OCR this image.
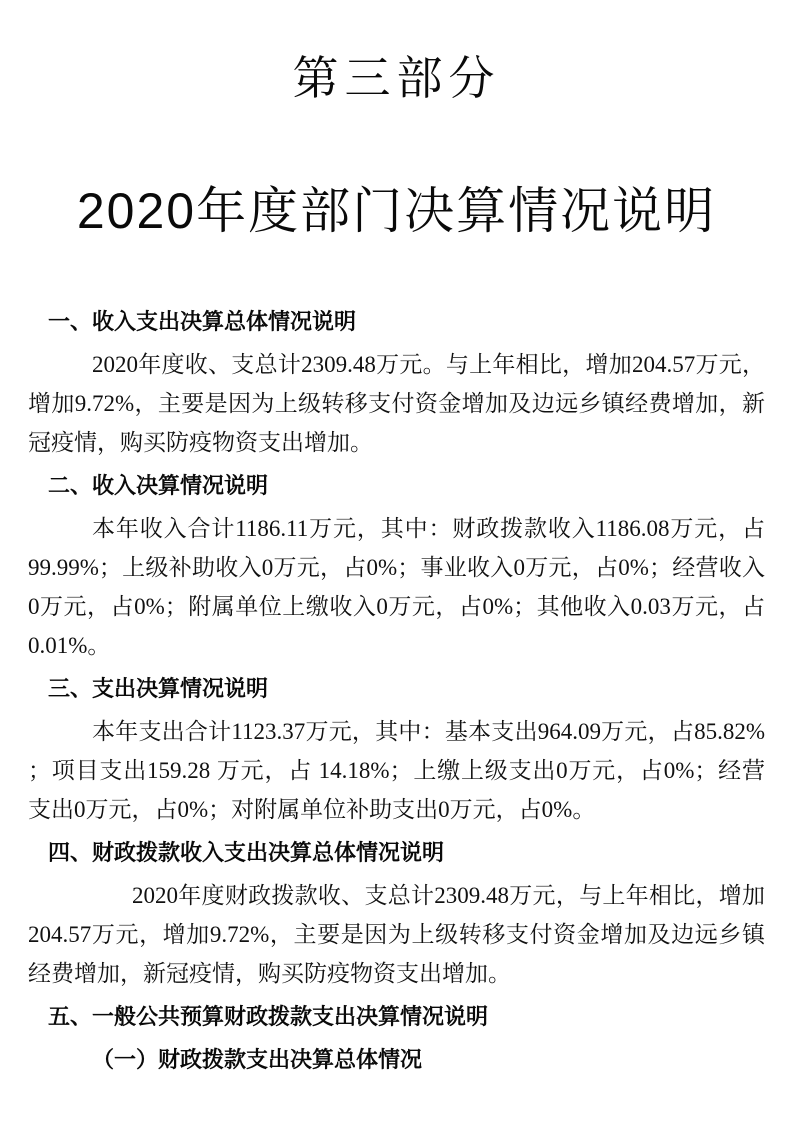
第三部分
2020年度部门决算情况说明
一、收入支出决算总体情况说明

2020年度收、支总计2309.48万元。与上年相比，增加204.57万元，增加9.72%，主要是因为上级转移支付资金增加及边远乡镇经费增加，新冠疫情，购买防疫物资支出增加。

二、收入决算情况说明

本年收入合计1186.11万元，其中：财政拨款收入1186.08万元，占99.99%；上级补助收入0万元，占0%；事业收入0万元，占0%；经营收入0万元，占0%；附属单位上缴收入0万元，占0%；其他收入0.03万元，占 0.01%。

三、支出决算情况说明

本年支出合计1123.37万元，其中：基本支出964.09万元，占85.82% ；项目支出159.28 万元，占 14.18%；上缴上级支出0万元，占0%；经营支出0万元，占0%；对附属单位补助支出0万元，占0%。

四、财政拨款收入支出决算总体情况说明

2020年度财政拨款收、支总计2309.48万元，与上年相比，增加204.57万元，增加9.72%，主要是因为上级转移支付资金增加及边远乡镇经费增加，新冠疫情，购买防疫物资支出增加。

五、一般公共预算财政拨款支出决算情况说明
（一）财政拨款支出决算总体情况
